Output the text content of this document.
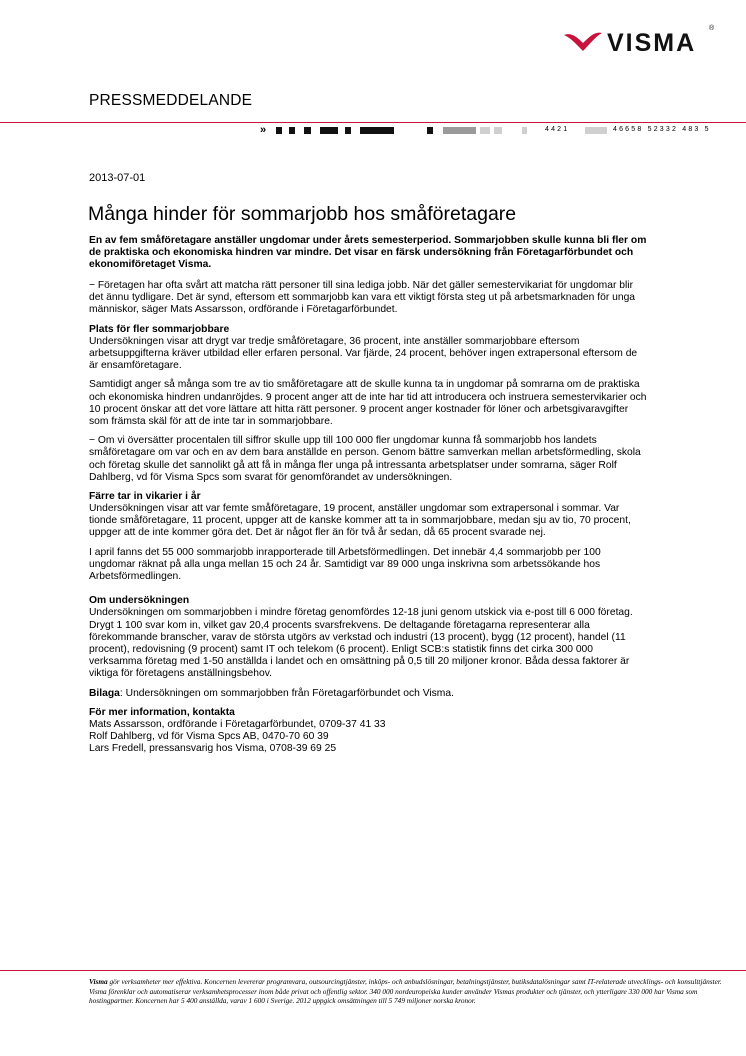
VISMA
®
PRESSMEDDELANDE
»	4421	46658 52332 483 5
2013-07-01
Många hinder för sommarjobb hos småföretagare

En av fem småföretagare anställer ungdomar under årets semesterperiod. Sommarjobben skulle kunna bli fler om de praktiska och ekonomiska hindren var mindre. Det visar en färsk undersökning från Företagarförbundet och ekonomiföretaget Visma.

− Företagen har ofta svårt att matcha rätt personer till sina lediga jobb. När det gäller semestervikariat för ungdomar blir det ännu tydligare. Det är synd, eftersom ett sommarjobb kan vara ett viktigt första steg ut på arbetsmarknaden för unga människor, säger Mats Assarsson, ordförande i Företagarförbundet.

Plats för fler sommarjobbare

Undersökningen visar att drygt var tredje småföretagare, 36 procent, inte anställer sommarjobbare eftersom arbetsuppgifterna kräver utbildad eller erfaren personal. Var fjärde, 24 procent, behöver ingen extrapersonal eftersom de är ensamföretagare.

Samtidigt anger så många som tre av tio småföretagare att de skulle kunna ta in ungdomar på somrarna om de praktiska och ekonomiska hindren undanröjdes. 9 procent anger att de inte har tid att introducera och instruera semestervikarier och 10 procent önskar att det vore lättare att hitta rätt personer. 9 procent anger kostnader för löner och arbetsgivaravgifter som främsta skäl för att de inte tar in sommarjobbare.

− Om vi översätter procentalen till siffror skulle upp till 100 000 fler ungdomar kunna få sommarjobb hos landets småföretagare om var och en av dem bara anställde en person. Genom bättre samverkan mellan arbetsförmedling, skola och företag skulle det sannolikt gå att få in många fler unga på intressanta arbetsplatser under somrarna, säger Rolf Dahlberg, vd för Visma Spcs som svarat för genomförandet av undersökningen.

Färre tar in vikarier i år

Undersökningen visar att var femte småföretagare, 19 procent, anställer ungdomar som extrapersonal i sommar. Var tionde småföretagare, 11 procent, uppger att de kanske kommer att ta in sommarjobbare, medan sju av tio, 70 procent, uppger att de inte kommer göra det. Det är något fler än för två år sedan, då 65 procent svarade nej.

I april fanns det 55 000 sommarjobb inrapporterade till Arbetsförmedlingen. Det innebär 4,4 sommarjobb per 100 ungdomar räknat på alla unga mellan 15 och 24 år. Samtidigt var 89 000 unga inskrivna som arbetssökande hos Arbetsförmedlingen.

Om undersökningen

Undersökningen om sommarjobben i mindre företag genomfördes 12-18 juni genom utskick via e-post till 6 000 företag. Drygt 1 100 svar kom in, vilket gav 20,4 procents svarsfrekvens. De deltagande företagarna representerar alla förekommande branscher, varav de största utgörs av verkstad och industri (13 procent), bygg (12 procent), handel (11 procent), redovisning (9 procent) samt IT och telekom (6 procent). Enligt SCB:s statistik finns det cirka 300 000 verksamma företag med 1-50 anställda i landet och en omsättning på 0,5 till 20 miljoner kronor. Båda dessa faktorer är viktiga för företagens anställningsbehov.

Bilaga: Undersökningen om sommarjobben från Företagarförbundet och Visma.

För mer information, kontakta
Mats Assarsson, ordförande i Företagarförbundet, 0709-37 41 33
Rolf Dahlberg, vd för Visma Spcs AB, 0470-70 60 39
Lars Fredell, pressansvarig hos Visma, 0708-39 69 25
Visma gör verksamheter mer effektiva. Koncernen levererar programvara, outsourcingtjänster, inköps- och anbudslösningar, betalningstjänster, butiksdatalösningar samt IT-relaterade utvecklings- och konsulttjänster. Visma förenklar och automatiserar verksamhetsprocesser inom både privat och offentlig sektor. 340 000 nordeuropeiska kunder använder Vismas produkter och tjänster, och ytterligare 330 000 har Visma som hostingpartner. Koncernen har 5 400 anställda, varav 1 600 i Sverige. 2012 uppgick omsättningen till 5 749 miljoner norska kronor.
